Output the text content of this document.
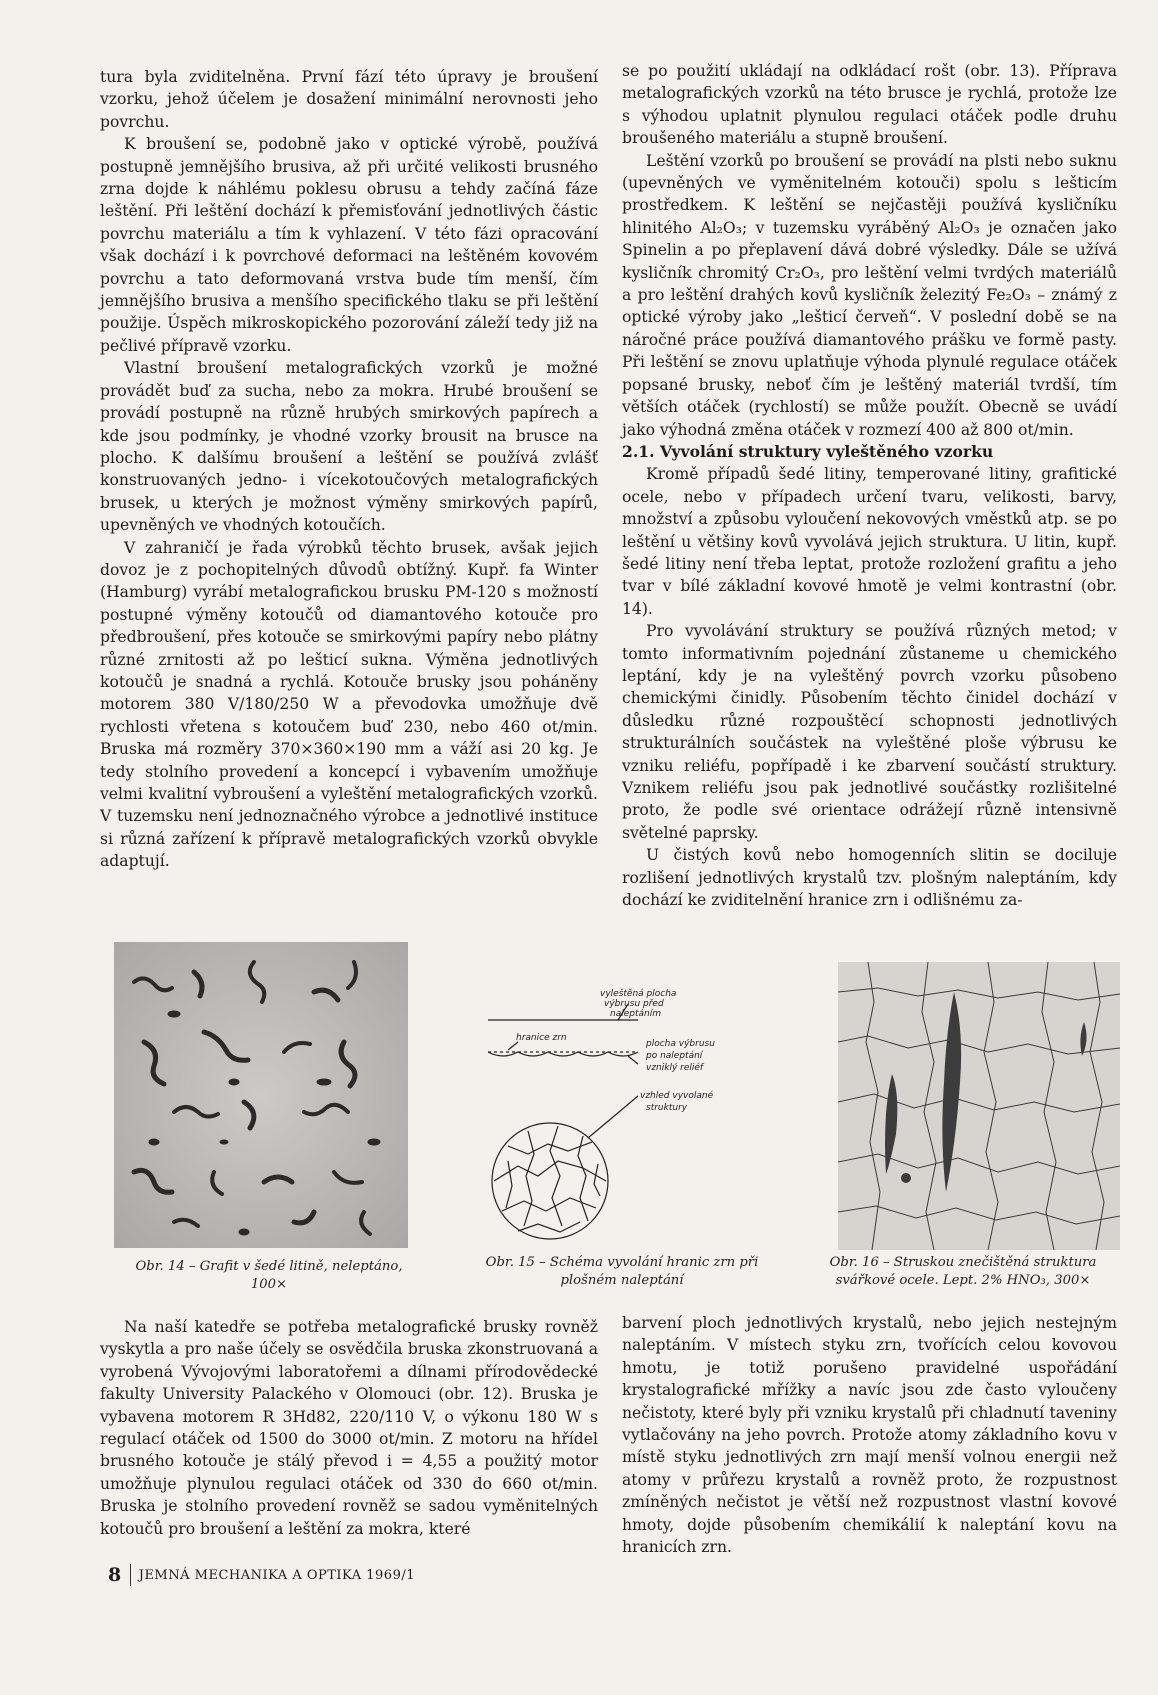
tura byla zviditelněna. První fází této úpravy je broušení vzorku, jehož účelem je dosažení minimální nerovnosti jeho povrchu.

K broušení se, podobně jako v optické výrobě, používá postupně jemnějšího brusiva, až při určité velikosti brusného zrna dojde k náhlému poklesu obrusu a tehdy začíná fáze leštění. Při leštění dochází k přemisťování jednotlivých částic povrchu materiálu a tím k vyhlazení. V této fázi opracování však dochází i k povrchové deformaci na leštěném kovovém povrchu a tato deformovaná vrstva bude tím menší, čím jemnějšího brusiva a menšího specifického tlaku se při leštění použije. Úspěch mikroskopického pozorování záleží tedy již na pečlivé přípravě vzorku.

Vlastní broušení metalografických vzorků je možné provádět buď za sucha, nebo za mokra. Hrubé broušení se provádí postupně na různě hrubých smirkových papírech a kde jsou podmínky, je vhodné vzorky brousit na brusce na plocho. K dalšímu broušení a leštění se používá zvlášť konstruovaných jedno- i vícekotoučových metalografických brusek, u kterých je možnost výměny smirkových papírů, upevněných ve vhodných kotoučích.

V zahraničí je řada výrobků těchto brusek, avšak jejich dovoz je z pochopitelných důvodů obtížný. Kupř. fa Winter (Hamburg) vyrábí metalografickou brusku PM-120 s možností postupné výměny kotoučů od diamantového kotouče pro předbroušení, přes kotouče se smirkovými papíry nebo plátny různé zrnitosti až po lešticí sukna. Výměna jednotlivých kotoučů je snadná a rychlá. Kotouče brusky jsou poháněny motorem 380 V/180/250 W a převodovka umožňuje dvě rychlosti vřetena s kotoučem buď 230, nebo 460 ot/min. Bruska má rozměry 370×360×190 mm a váží asi 20 kg. Je tedy stolního provedení a koncepcí i vybavením umožňuje velmi kvalitní vybroušení a vyleštění metalografických vzorků. V tuzemsku není jednoznačného výrobce a jednotlivé instituce si různá zařízení k přípravě metalografických vzorků obvykle adaptují.

se po použití ukládají na odkládací rošt (obr. 13). Příprava metalografických vzorků na této brusce je rychlá, protože lze s výhodou uplatnit plynulou regulaci otáček podle druhu broušeného materiálu a stupně broušení.

Leštění vzorků po broušení se provádí na plsti nebo suknu (upevněných ve vyměnitelném kotouči) spolu s lešticím prostředkem. K leštění se nejčastěji používá kysličníku hlinitého Al₂O₃; v tuzemsku vyráběný Al₂O₃ je označen jako Spinelin a po přeplavení dává dobré výsledky. Dále se užívá kysličník chromitý Cr₂O₃, pro leštění velmi tvrdých materiálů a pro leštění drahých kovů kysličník železitý Fe₂O₃ – známý z optické výroby jako „lešticí červeň“. V poslední době se na náročné práce používá diamantového prášku ve formě pasty. Při leštění se znovu uplatňuje výhoda plynulé regulace otáček popsané brusky, neboť čím je leštěný materiál tvrdší, tím větších otáček (rychlostí) se může použít. Obecně se uvádí jako výhodná změna otáček v rozmezí 400 až 800 ot/min.

2.1. Vyvolání struktury vyleštěného vzorku

Kromě případů šedé litiny, temperované litiny, grafitické ocele, nebo v případech určení tvaru, velikosti, barvy, množství a způsobu vyloučení nekovových vměstků atp. se po leštění u většiny kovů vyvolává jejich struktura. U litin, kupř. šedé litiny není třeba leptat, protože rozložení grafitu a jeho tvar v bílé základní kovové hmotě je velmi kontrastní (obr. 14).

Pro vyvolávání struktury se používá různých metod; v tomto informativním pojednání zůstaneme u chemického leptání, kdy je na vyleštěný povrch vzorku působeno chemickými činidly. Působením těchto činidel dochází v důsledku různé rozpouštěcí schopnosti jednotlivých strukturálních součástek na vyleštěné ploše výbrusu ke vzniku reliéfu, popřípadě i ke zbarvení součástí struktury. Vznikem reliéfu jsou pak jednotlivé součástky rozlišitelné proto, že podle své orientace odrážejí různě intensivně světelné paprsky.

U čistých kovů nebo homogenních slitin se dociluje rozlišení jednotlivých krystalů tzv. plošným naleptáním, kdy dochází ke zviditelnění hranice zrn i odlišnému za-

vyleštěná plocha
výbrusu před
naleptáním
hranice zrn
plocha výbrusu
po naleptání
vzniklý reliéf
vzhled vyvolané
struktury
Obr. 14 – Grafit v šedé litině, neleptáno,
100×
Obr. 15 – Schéma vyvolání hranic zrn při
plošném naleptání
Obr. 16 – Struskou znečištěná struktura
svářkové ocele. Lept. 2% HNO₃, 300×

Na naší katedře se potřeba metalografické brusky rovněž vyskytla a pro naše účely se osvědčila bruska zkonstruovaná a vyrobená Vývojovými laboratořemi a dílnami přírodovědecké fakulty University Palackého v Olomouci (obr. 12). Bruska je vybavena motorem R 3Hd82, 220/110 V, o výkonu 180 W s regulací otáček od 1500 do 3000 ot/min. Z motoru na hřídel brusného kotouče je stálý převod i = 4,55 a použitý motor umožňuje plynulou regulaci otáček od 330 do 660 ot/min. Bruska je stolního provedení rovněž se sadou vyměnitelných kotoučů pro broušení a leštění za mokra, které

barvení ploch jednotlivých krystalů, nebo jejich nestejným naleptáním. V místech styku zrn, tvořících celou kovovou hmotu, je totiž porušeno pravidelné uspořádání krystalografické mřížky a navíc jsou zde často vyloučeny nečistoty, které byly při vzniku krystalů při chladnutí taveniny vytlačovány na jeho povrch. Protože atomy základního kovu v místě styku jednotlivých zrn mají menší volnou energii než atomy v průřezu krystalů a rovněž proto, že rozpustnost zmíněných nečistot je větší než rozpustnost vlastní kovové hmoty, dojde působením chemikálií k naleptání kovu na hranicích zrn.

8 JEMNÁ MECHANIKA A OPTIKA 1969/1
